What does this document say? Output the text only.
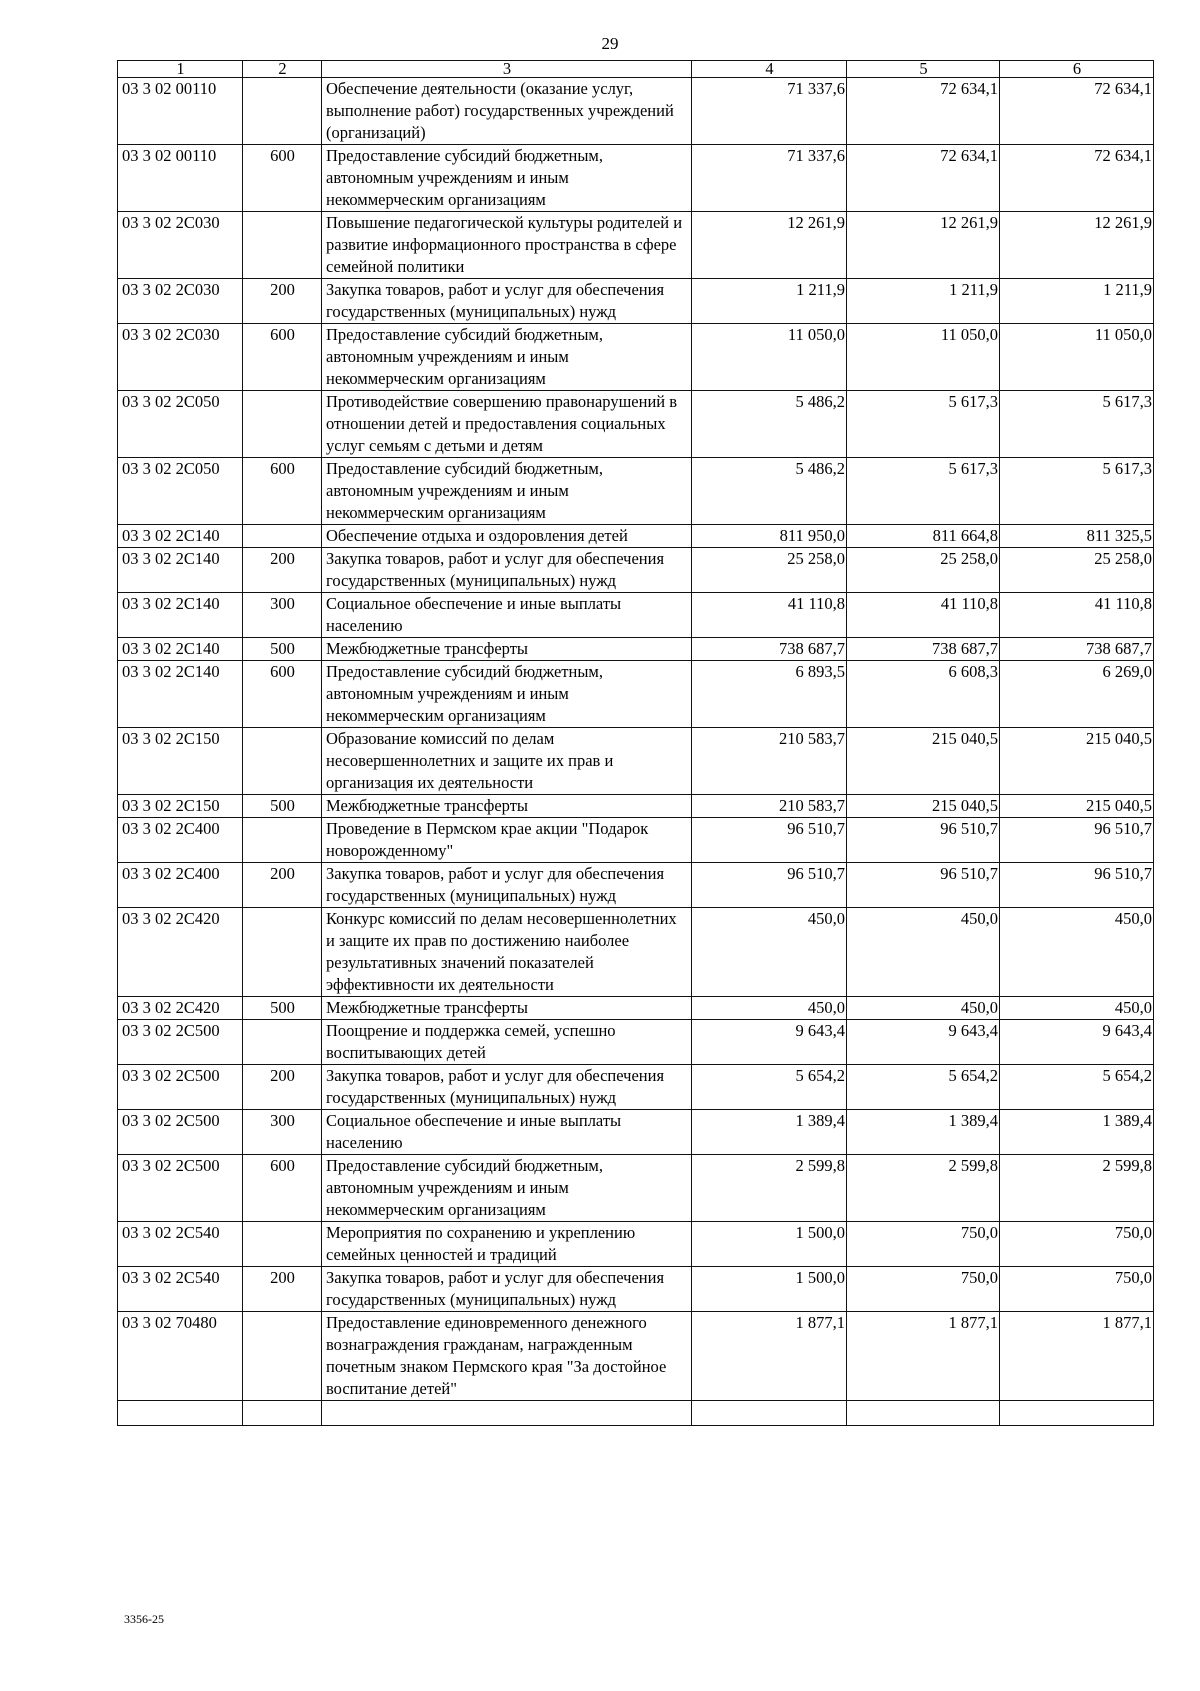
29
1	2	3	4	5	6
03 3 02 00110		Обеспечение деятельности (оказание услуг, выполнение работ) государственных учреждений (организаций)	71 337,6	72 634,1	72 634,1
03 3 02 00110	600	Предоставление субсидий бюджетным, автономным учреждениям и иным некоммерческим организациям	71 337,6	72 634,1	72 634,1
03 3 02 2С030		Повышение педагогической культуры родителей и развитие информационного пространства в сфере семейной политики	12 261,9	12 261,9	12 261,9
03 3 02 2С030	200	Закупка товаров, работ и услуг для обеспечения государственных (муниципальных) нужд	1 211,9	1 211,9	1 211,9
03 3 02 2С030	600	Предоставление субсидий бюджетным, автономным учреждениям и иным некоммерческим организациям	11 050,0	11 050,0	11 050,0
03 3 02 2С050		Противодействие совершению правонарушений в отношении детей и предоставления социальных услуг семьям с детьми и детям	5 486,2	5 617,3	5 617,3
03 3 02 2С050	600	Предоставление субсидий бюджетным, автономным учреждениям и иным некоммерческим организациям	5 486,2	5 617,3	5 617,3
03 3 02 2С140		Обеспечение отдыха и оздоровления детей	811 950,0	811 664,8	811 325,5
03 3 02 2С140	200	Закупка товаров, работ и услуг для обеспечения государственных (муниципальных) нужд	25 258,0	25 258,0	25 258,0
03 3 02 2С140	300	Социальное обеспечение и иные выплаты населению	41 110,8	41 110,8	41 110,8
03 3 02 2С140	500	Межбюджетные трансферты	738 687,7	738 687,7	738 687,7
03 3 02 2С140	600	Предоставление субсидий бюджетным, автономным учреждениям и иным некоммерческим организациям	6 893,5	6 608,3	6 269,0
03 3 02 2С150		Образование комиссий по делам несовершеннолетних и защите их прав и организация их деятельности	210 583,7	215 040,5	215 040,5
03 3 02 2С150	500	Межбюджетные трансферты	210 583,7	215 040,5	215 040,5
03 3 02 2С400		Проведение в Пермском крае акции "Подарок новорожденному"	96 510,7	96 510,7	96 510,7
03 3 02 2С400	200	Закупка товаров, работ и услуг для обеспечения государственных (муниципальных) нужд	96 510,7	96 510,7	96 510,7
03 3 02 2С420		Конкурс комиссий по делам несовершеннолетних и защите их прав по достижению наиболее результативных значений показателей эффективности их деятельности	450,0	450,0	450,0
03 3 02 2С420	500	Межбюджетные трансферты	450,0	450,0	450,0
03 3 02 2С500		Поощрение и поддержка семей, успешно воспитывающих детей	9 643,4	9 643,4	9 643,4
03 3 02 2С500	200	Закупка товаров, работ и услуг для обеспечения государственных (муниципальных) нужд	5 654,2	5 654,2	5 654,2
03 3 02 2С500	300	Социальное обеспечение и иные выплаты населению	1 389,4	1 389,4	1 389,4
03 3 02 2С500	600	Предоставление субсидий бюджетным, автономным учреждениям и иным некоммерческим организациям	2 599,8	2 599,8	2 599,8
03 3 02 2С540		Мероприятия по сохранению и укреплению семейных ценностей и традиций	1 500,0	750,0	750,0
03 3 02 2С540	200	Закупка товаров, работ и услуг для обеспечения государственных (муниципальных) нужд	1 500,0	750,0	750,0
03 3 02 70480		Предоставление единовременного денежного вознаграждения гражданам, награжденным почетным знаком Пермского края "За достойное воспитание детей"	1 877,1	1 877,1	1 877,1

3356-25
